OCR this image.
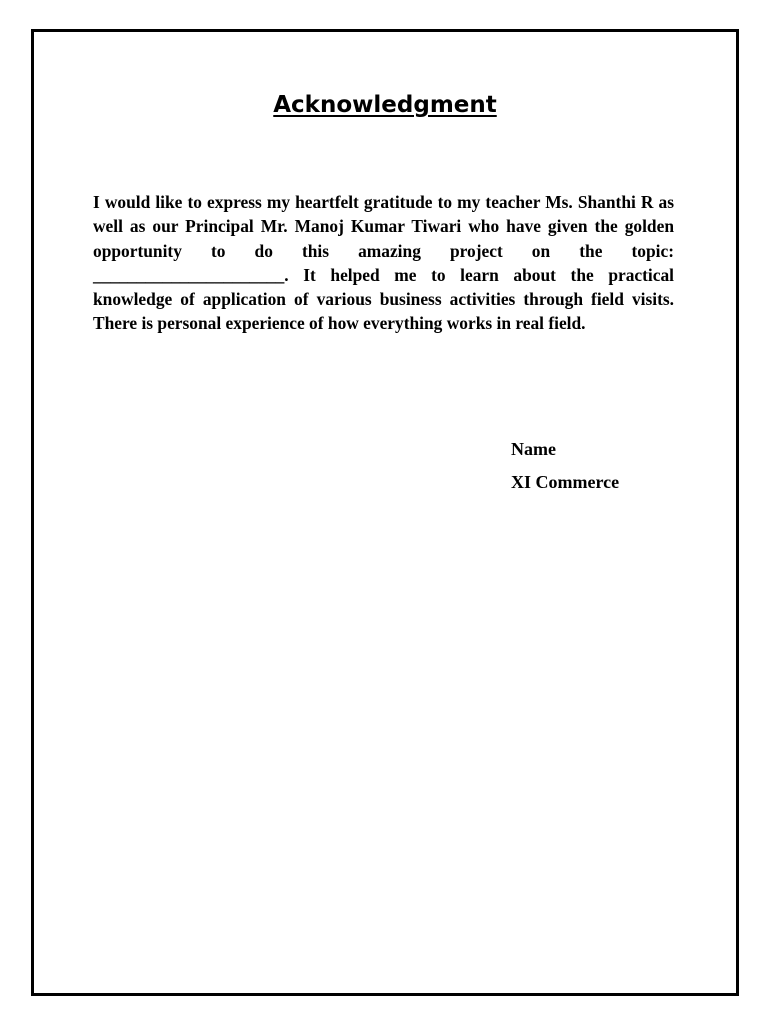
Acknowledgment

I would like to express my heartfelt gratitude to my teacher Ms. Shanthi R as well as our Principal Mr. Manoj Kumar Tiwari who have given the golden opportunity to do this amazing project on the topic: ______________________. It helped me to learn about the practical knowledge of application of various business activities through field visits. There is personal experience of how everything works in real field.

Name
XI Commerce
